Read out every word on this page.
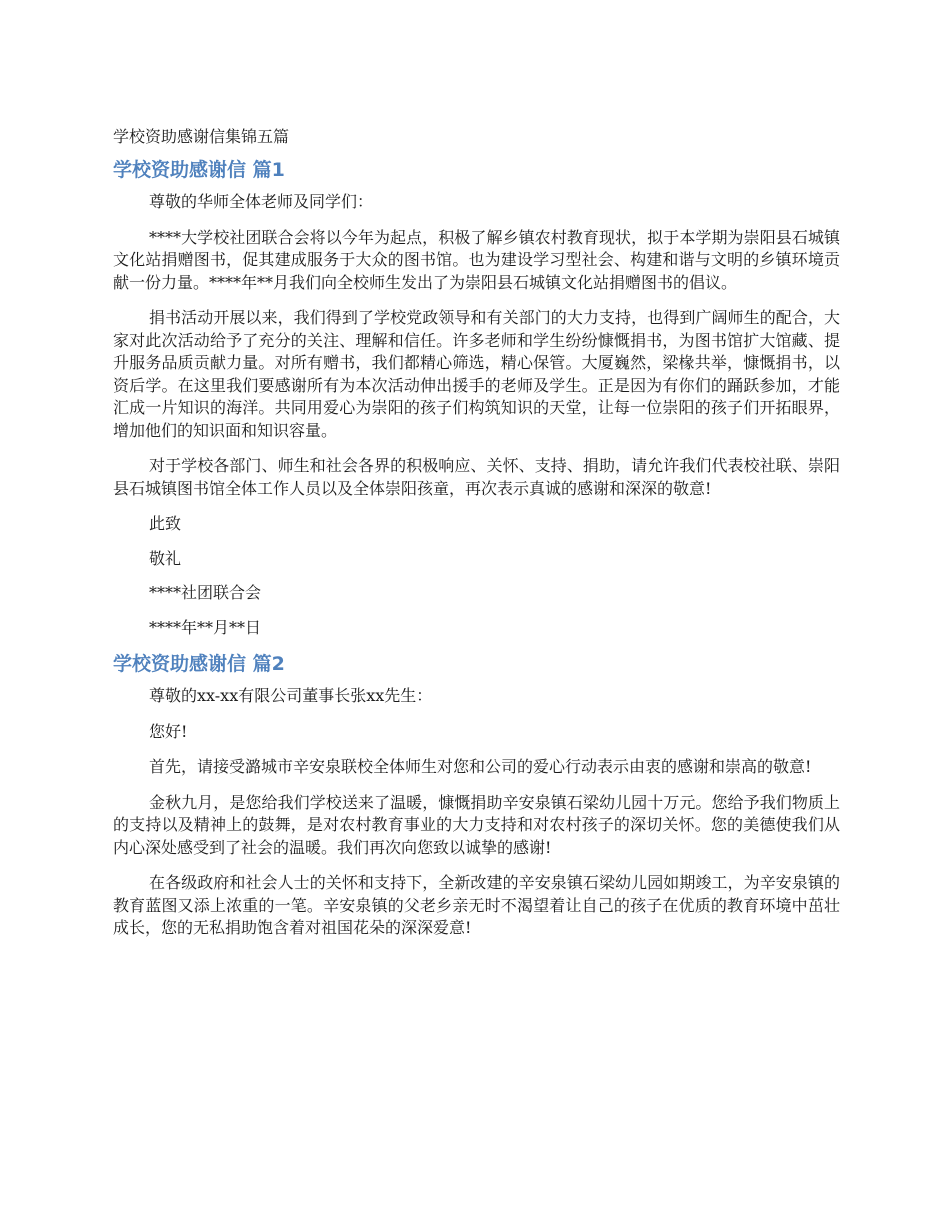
学校资助感谢信集锦五篇
学校资助感谢信 篇1

尊敬的华师全体老师及同学们：

****大学校社团联合会将以今年为起点，积极了解乡镇农村教育现状，拟于本学期为崇阳县石城镇文化站捐赠图书，促其建成服务于大众的图书馆。也为建设学习型社会、构建和谐与文明的乡镇环境贡献一份力量。****年**月我们向全校师生发出了为崇阳县石城镇文化站捐赠图书的倡议。

捐书活动开展以来，我们得到了学校党政领导和有关部门的大力支持，也得到广阔师生的配合，大家对此次活动给予了充分的关注、理解和信任。许多老师和学生纷纷慷慨捐书，为图书馆扩大馆藏、提升服务品质贡献力量。对所有赠书，我们都精心筛选，精心保管。大厦巍然，梁椽共举，慷慨捐书，以资后学。在这里我们要感谢所有为本次活动伸出援手的老师及学生。正是因为有你们的踊跃参加，才能汇成一片知识的海洋。共同用爱心为崇阳的孩子们构筑知识的天堂，让每一位崇阳的孩子们开拓眼界，增加他们的知识面和知识容量。

对于学校各部门、师生和社会各界的积极响应、关怀、支持、捐助，请允许我们代表校社联、崇阳县石城镇图书馆全体工作人员以及全体崇阳孩童，再次表示真诚的感谢和深深的敬意!

此致

敬礼

****社团联合会

****年**月**日

学校资助感谢信 篇2

尊敬的xx-xx有限公司董事长张xx先生：

您好!

首先，请接受潞城市辛安泉联校全体师生对您和公司的爱心行动表示由衷的感谢和崇高的敬意!

金秋九月，是您给我们学校送来了温暖，慷慨捐助辛安泉镇石梁幼儿园十万元。您给予我们物质上的支持以及精神上的鼓舞，是对农村教育事业的大力支持和对农村孩子的深切关怀。您的美德使我们从内心深处感受到了社会的温暖。我们再次向您致以诚挚的感谢!

在各级政府和社会人士的关怀和支持下，全新改建的辛安泉镇石梁幼儿园如期竣工，为辛安泉镇的教育蓝图又添上浓重的一笔。辛安泉镇的父老乡亲无时不渴望着让自己的孩子在优质的教育环境中茁壮成长，您的无私捐助饱含着对祖国花朵的深深爱意!
